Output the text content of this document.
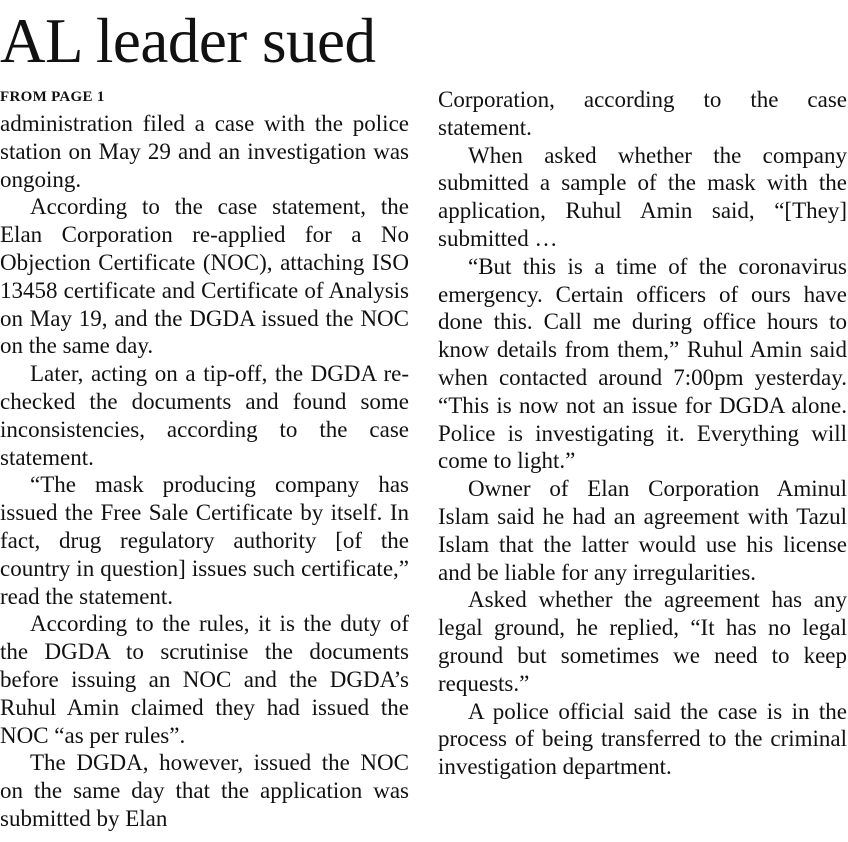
AL leader sued
FROM PAGE 1

administration filed a case with the police station on May 29 and an investigation was ongoing.

According to the case statement, the Elan Corporation re-applied for a No Objection Certificate (NOC), attaching ISO 13458 certificate and Certificate of Analysis on May 19, and the DGDA issued the NOC on the same day.

Later, acting on a tip-off, the DGDA re-checked the documents and found some inconsistencies, according to the case statement.

“The mask producing company has issued the Free Sale Certificate by itself. In fact, drug regulatory authority [of the country in question] issues such certificate,” read the statement.

According to the rules, it is the duty of the DGDA to scrutinise the documents before issuing an NOC and the DGDA’s Ruhul Amin claimed they had issued the NOC “as per rules”.

The DGDA, however, issued the NOC on the same day that the application was submitted by Elan

Corporation, according to the case statement.

When asked whether the company submitted a sample of the mask with the application, Ruhul Amin said, “[They] submitted …

“But this is a time of the coronavirus emergency. Certain officers of ours have done this. Call me during office hours to know details from them,” Ruhul Amin said when contacted around 7:00pm yesterday. “This is now not an issue for DGDA alone. Police is investigating it. Everything will come to light.”

Owner of Elan Corporation Aminul Islam said he had an agreement with Tazul Islam that the latter would use his license and be liable for any irregularities.

Asked whether the agreement has any legal ground, he replied, “It has no legal ground but sometimes we need to keep requests.”

A police official said the case is in the process of being transferred to the criminal investigation department.
